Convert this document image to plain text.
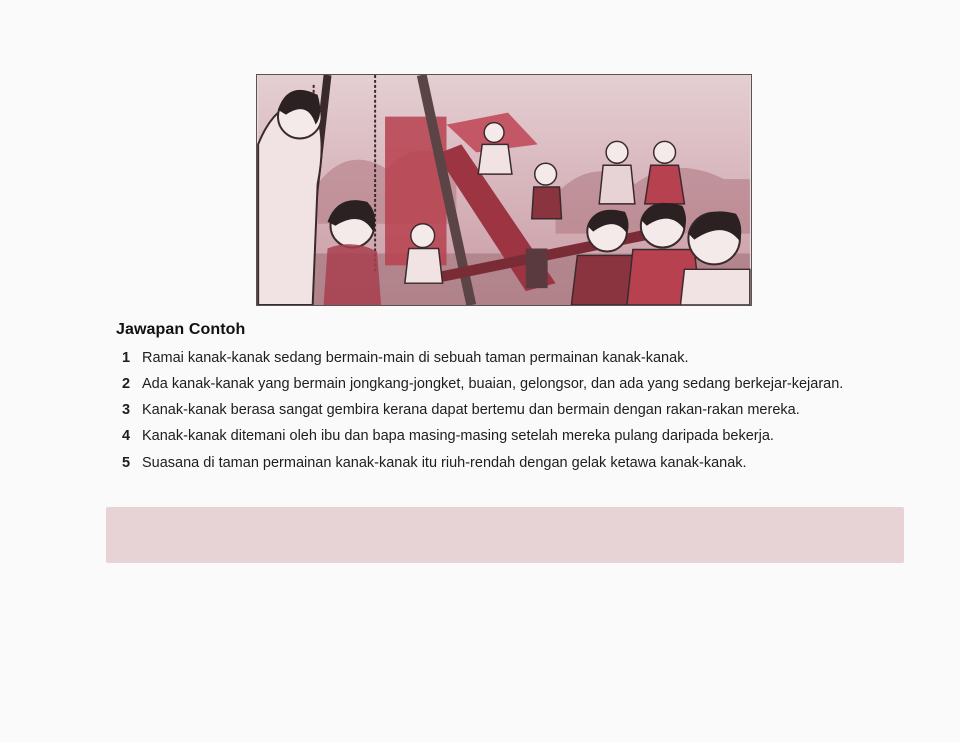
Jawapan Contoh
1 Ramai kanak-kanak sedang bermain-main di sebuah taman permainan kanak-kanak.
2 Ada kanak-kanak yang bermain jongkang-jongket, buaian, gelongsor, dan ada yang sedang berkejar-kejaran.
3 Kanak-kanak berasa sangat gembira kerana dapat bertemu dan bermain dengan rakan-rakan mereka.
4 Kanak-kanak ditemani oleh ibu dan bapa masing-masing setelah mereka pulang daripada bekerja.
5 Suasana di taman permainan kanak-kanak itu riuh-rendah dengan gelak ketawa kanak-kanak.
